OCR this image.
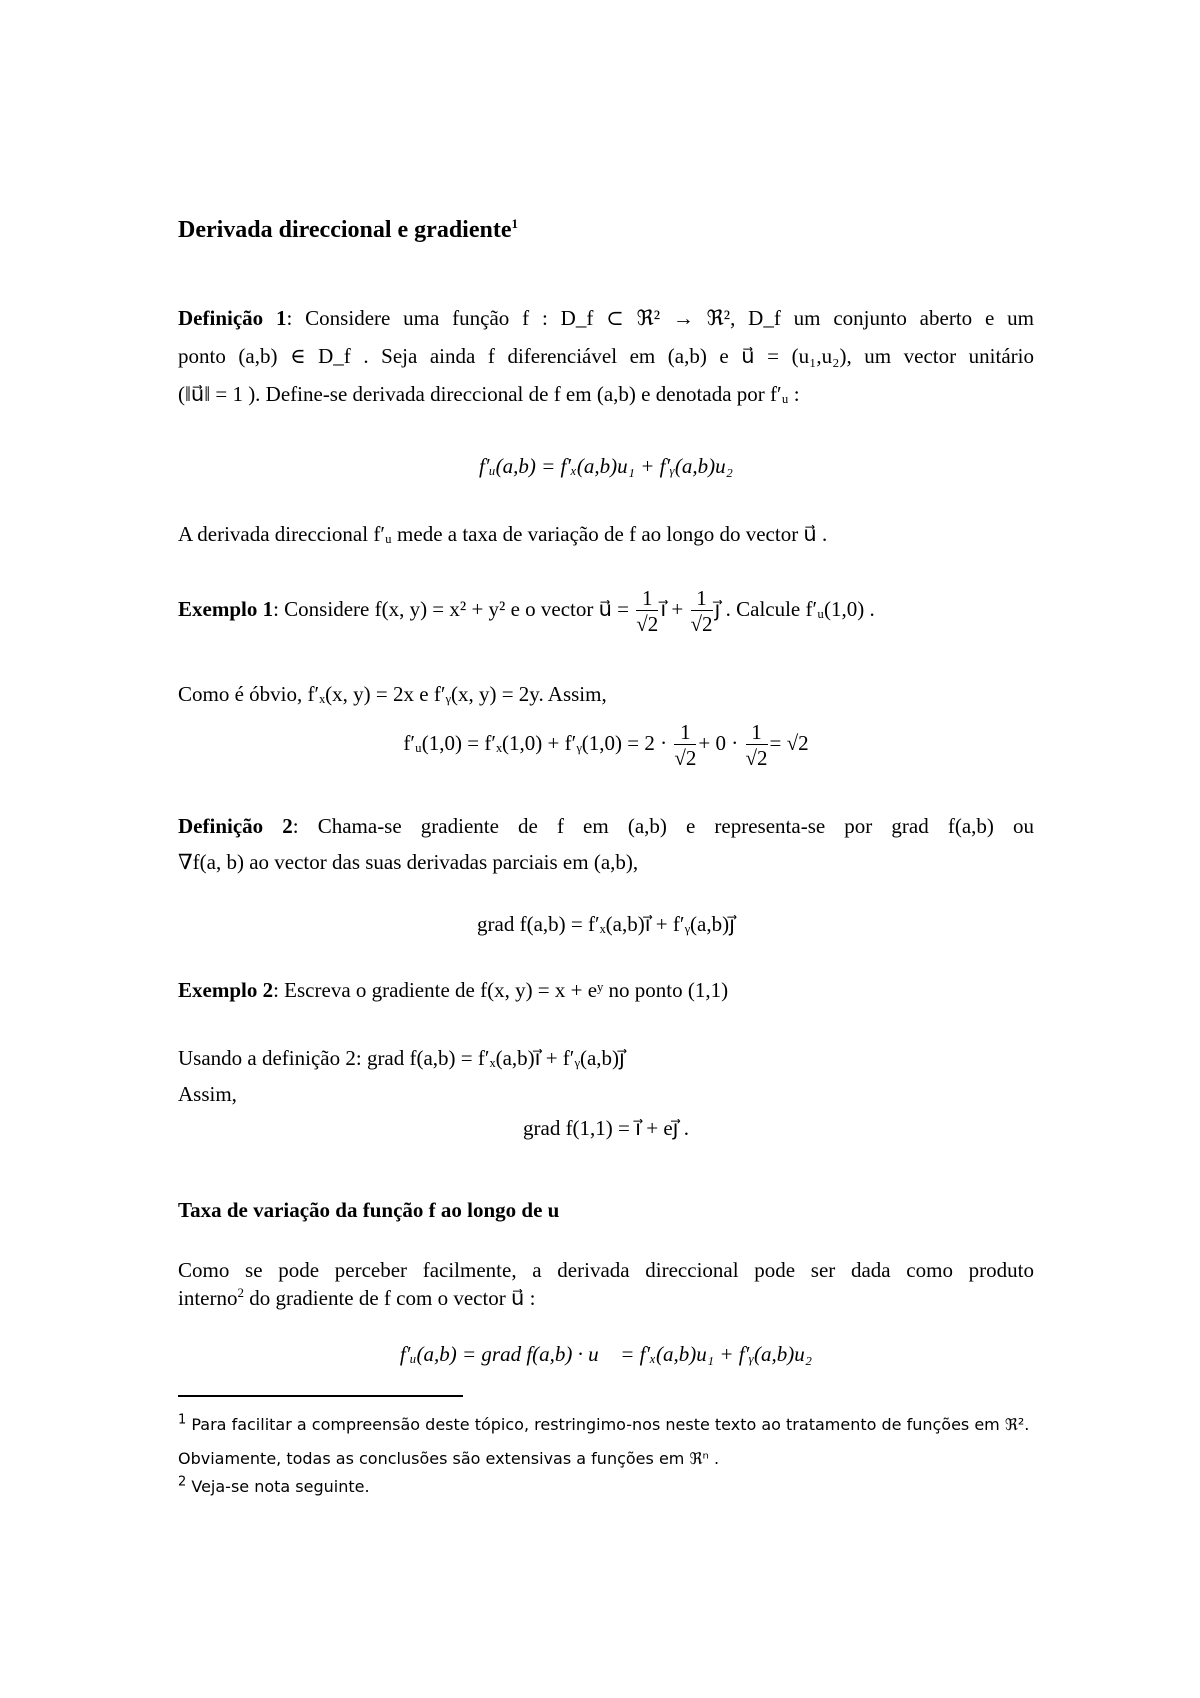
Derivada direccional e gradiente$^1$
Definição 1: Considere uma função f : D_f ⊂ ℜ² → ℜ², D_f um conjunto aberto e um
ponto (a,b) ∈ D_f . Seja ainda f diferenciável em (a,b) e u⃗ = (u₁,u₂), um vector unitário
(‖u⃗‖ = 1 ). Define-se derivada direccional de f em (a,b) e denotada por f′ᵤ :
f′ᵤ(a,b) = f′ₓ(a,b)u₁ + f′ᵧ(a,b)u₂
A derivada direccional f′ᵤ mede a taxa de variação de f ao longo do vector u⃗ .
Exemplo 1: Considere f(x, y) = x² + y² e o vector u⃗ = $\frac{1}{√2}$ i⃗ + $\frac{1}{√2}$ j⃗ . Calcule f′ᵤ(1,0) .
Como é óbvio, f′ₓ(x, y) = 2x e f′ᵧ(x, y) = 2y. Assim,
f′ᵤ(1,0) = f′ₓ(1,0) + f′ᵧ(1,0) = $2 \cdot \frac{1}{√2} + 0 \cdot \frac{1}{√2} = √2$
Definição 2: Chama-se gradiente de f em (a,b) e representa-se por grad f(a,b) ou
∇f(a, b) ao vector das suas derivadas parciais em (a,b),
grad f(a,b) = f′ₓ(a,b)i⃗ + f′ᵧ(a,b)j⃗
Exemplo 2: Escreva o gradiente de f(x, y) = x + eʸ no ponto (1,1)
Usando a definição 2: grad f(a,b) = f′ₓ(a,b)i⃗ + f′ᵧ(a,b)j⃗
Assim,
grad f(1,1) = i⃗ + ej⃗ .
Taxa de variação da função f ao longo de u⃗
Como se pode perceber facilmente, a derivada direccional pode ser dada como produto
interno$^2$ do gradiente de f com o vector u⃗ :
f′ᵤ(a,b) = grad f(a,b) · u⃗ = f′ₓ(a,b)u₁ + f′ᵧ(a,b)u₂
$^1$ Para facilitar a compreensão deste tópico, restringimo-nos neste texto ao tratamento de funções em ℜ².
Obviamente, todas as conclusões são extensivas a funções em ℜⁿ .
$^2$ Veja-se nota seguinte.
